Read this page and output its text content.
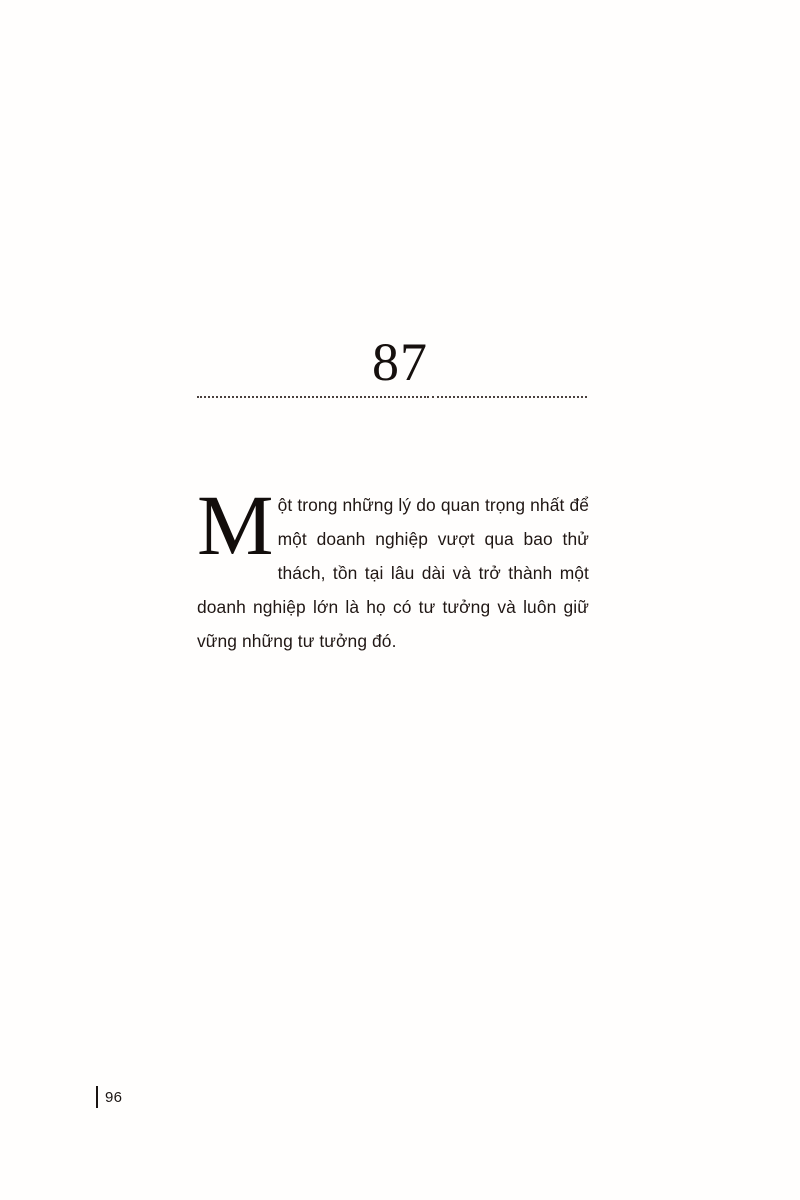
87

Một trong những lý do quan trọng nhất để một doanh nghiệp vượt qua bao thử thách, tồn tại lâu dài và trở thành một doanh nghiệp lớn là họ có tư tưởng và luôn giữ vững những tư tưởng đó.

96
